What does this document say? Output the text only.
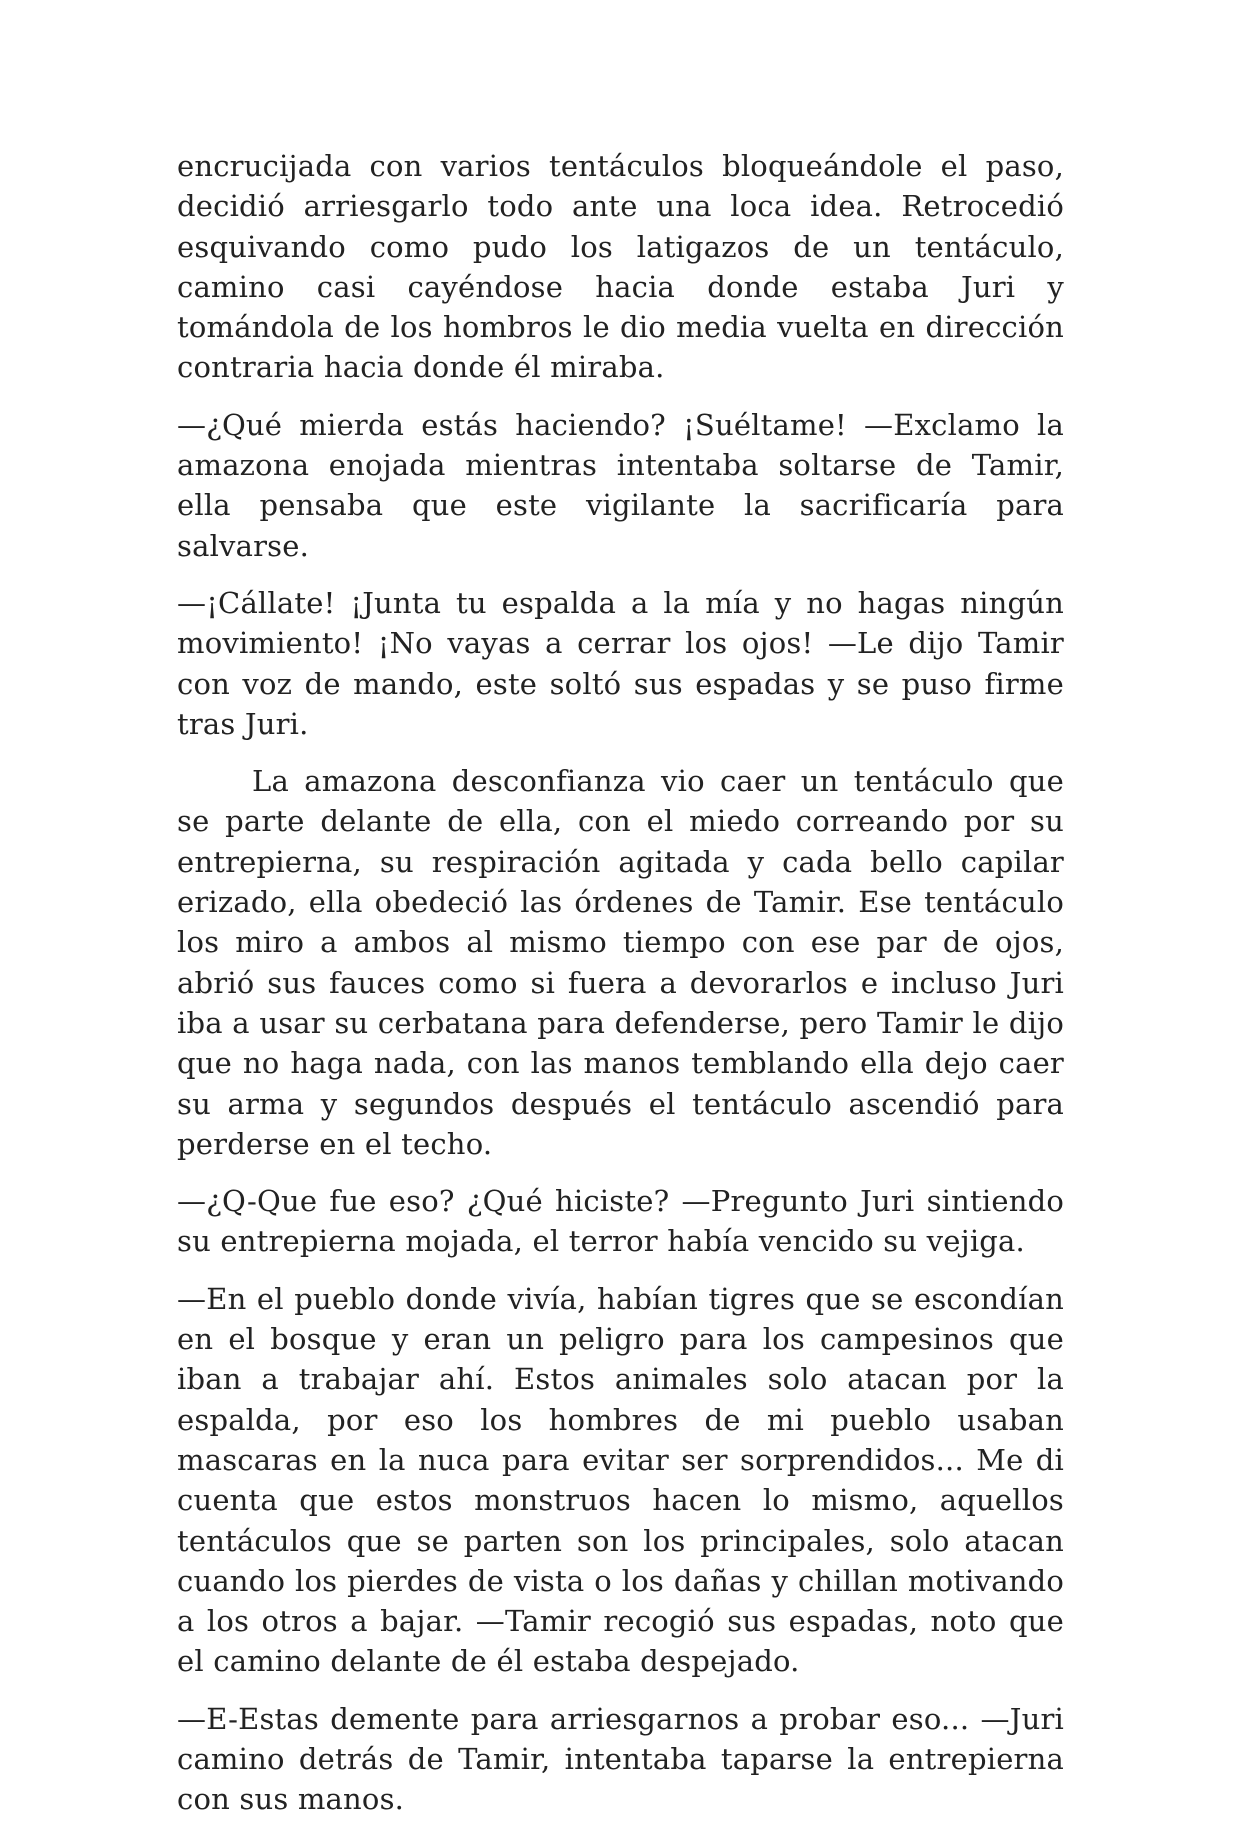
encrucijada con varios tentáculos bloqueándole el paso, decidió arriesgarlo todo ante una loca idea. Retrocedió esquivando como pudo los latigazos de un tentáculo, camino casi cayéndose hacia donde estaba Juri y tomándola de los hombros le dio media vuelta en dirección contraria hacia donde él miraba.

—¿Qué mierda estás haciendo? ¡Suéltame! —Exclamo la amazona enojada mientras intentaba soltarse de Tamir, ella pensaba que este vigilante la sacrificaría para salvarse.

—¡Cállate! ¡Junta tu espalda a la mía y no hagas ningún movimiento! ¡No vayas a cerrar los ojos! —Le dijo Tamir con voz de mando, este soltó sus espadas y se puso firme tras Juri.

La amazona desconfianza vio caer un tentáculo que se parte delante de ella, con el miedo correando por su entrepierna, su respiración agitada y cada bello capilar erizado, ella obedeció las órdenes de Tamir. Ese tentáculo los miro a ambos al mismo tiempo con ese par de ojos, abrió sus fauces como si fuera a devorarlos e incluso Juri iba a usar su cerbatana para defenderse, pero Tamir le dijo que no haga nada, con las manos temblando ella dejo caer su arma y segundos después el tentáculo ascendió para perderse en el techo.

—¿Q-Que fue eso? ¿Qué hiciste? —Pregunto Juri sintiendo su entrepierna mojada, el terror había vencido su vejiga.

—En el pueblo donde vivía, habían tigres que se escondían en el bosque y eran un peligro para los campesinos que iban a trabajar ahí. Estos animales solo atacan por la espalda, por eso los hombres de mi pueblo usaban mascaras en la nuca para evitar ser sorprendidos... Me di cuenta que estos monstruos hacen lo mismo, aquellos tentáculos que se parten son los principales, solo atacan cuando los pierdes de vista o los dañas y chillan motivando a los otros a bajar. —Tamir recogió sus espadas, noto que el camino delante de él estaba despejado.

—E-Estas demente para arriesgarnos a probar eso... —Juri camino detrás de Tamir, intentaba taparse la entrepierna con sus manos.
